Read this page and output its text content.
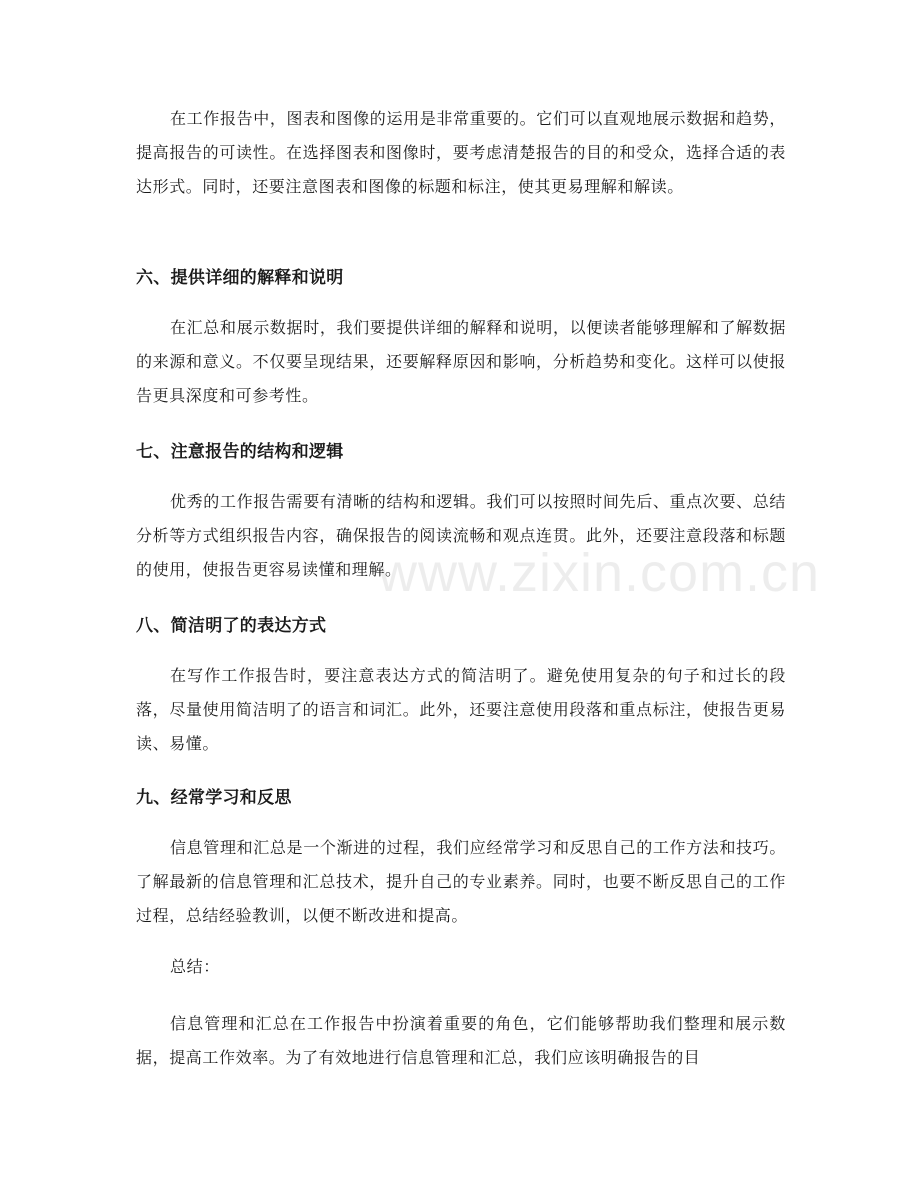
在工作报告中，图表和图像的运用是非常重要的。它们可以直观地展示数据和趋势，提高报告的可读性。在选择图表和图像时，要考虑清楚报告的目的和受众，选择合适的表达形式。同时，还要注意图表和图像的标题和标注，使其更易理解和解读。

六、提供详细的解释和说明

在汇总和展示数据时，我们要提供详细的解释和说明，以便读者能够理解和了解数据的来源和意义。不仅要呈现结果，还要解释原因和影响，分析趋势和变化。这样可以使报告更具深度和可参考性。

七、注意报告的结构和逻辑

优秀的工作报告需要有清晰的结构和逻辑。我们可以按照时间先后、重点次要、总结分析等方式组织报告内容，确保报告的阅读流畅和观点连贯。此外，还要注意段落和标题的使用，使报告更容易读懂和理解。

八、简洁明了的表达方式

在写作工作报告时，要注意表达方式的简洁明了。避免使用复杂的句子和过长的段落，尽量使用简洁明了的语言和词汇。此外，还要注意使用段落和重点标注，使报告更易读、易懂。

九、经常学习和反思

信息管理和汇总是一个渐进的过程，我们应经常学习和反思自己的工作方法和技巧。了解最新的信息管理和汇总技术，提升自己的专业素养。同时，也要不断反思自己的工作过程，总结经验教训，以便不断改进和提高。

总结：

信息管理和汇总在工作报告中扮演着重要的角色，它们能够帮助我们整理和展示数据，提高工作效率。为了有效地进行信息管理和汇总，我们应该明确报告的目

www.zixin.com.cn
